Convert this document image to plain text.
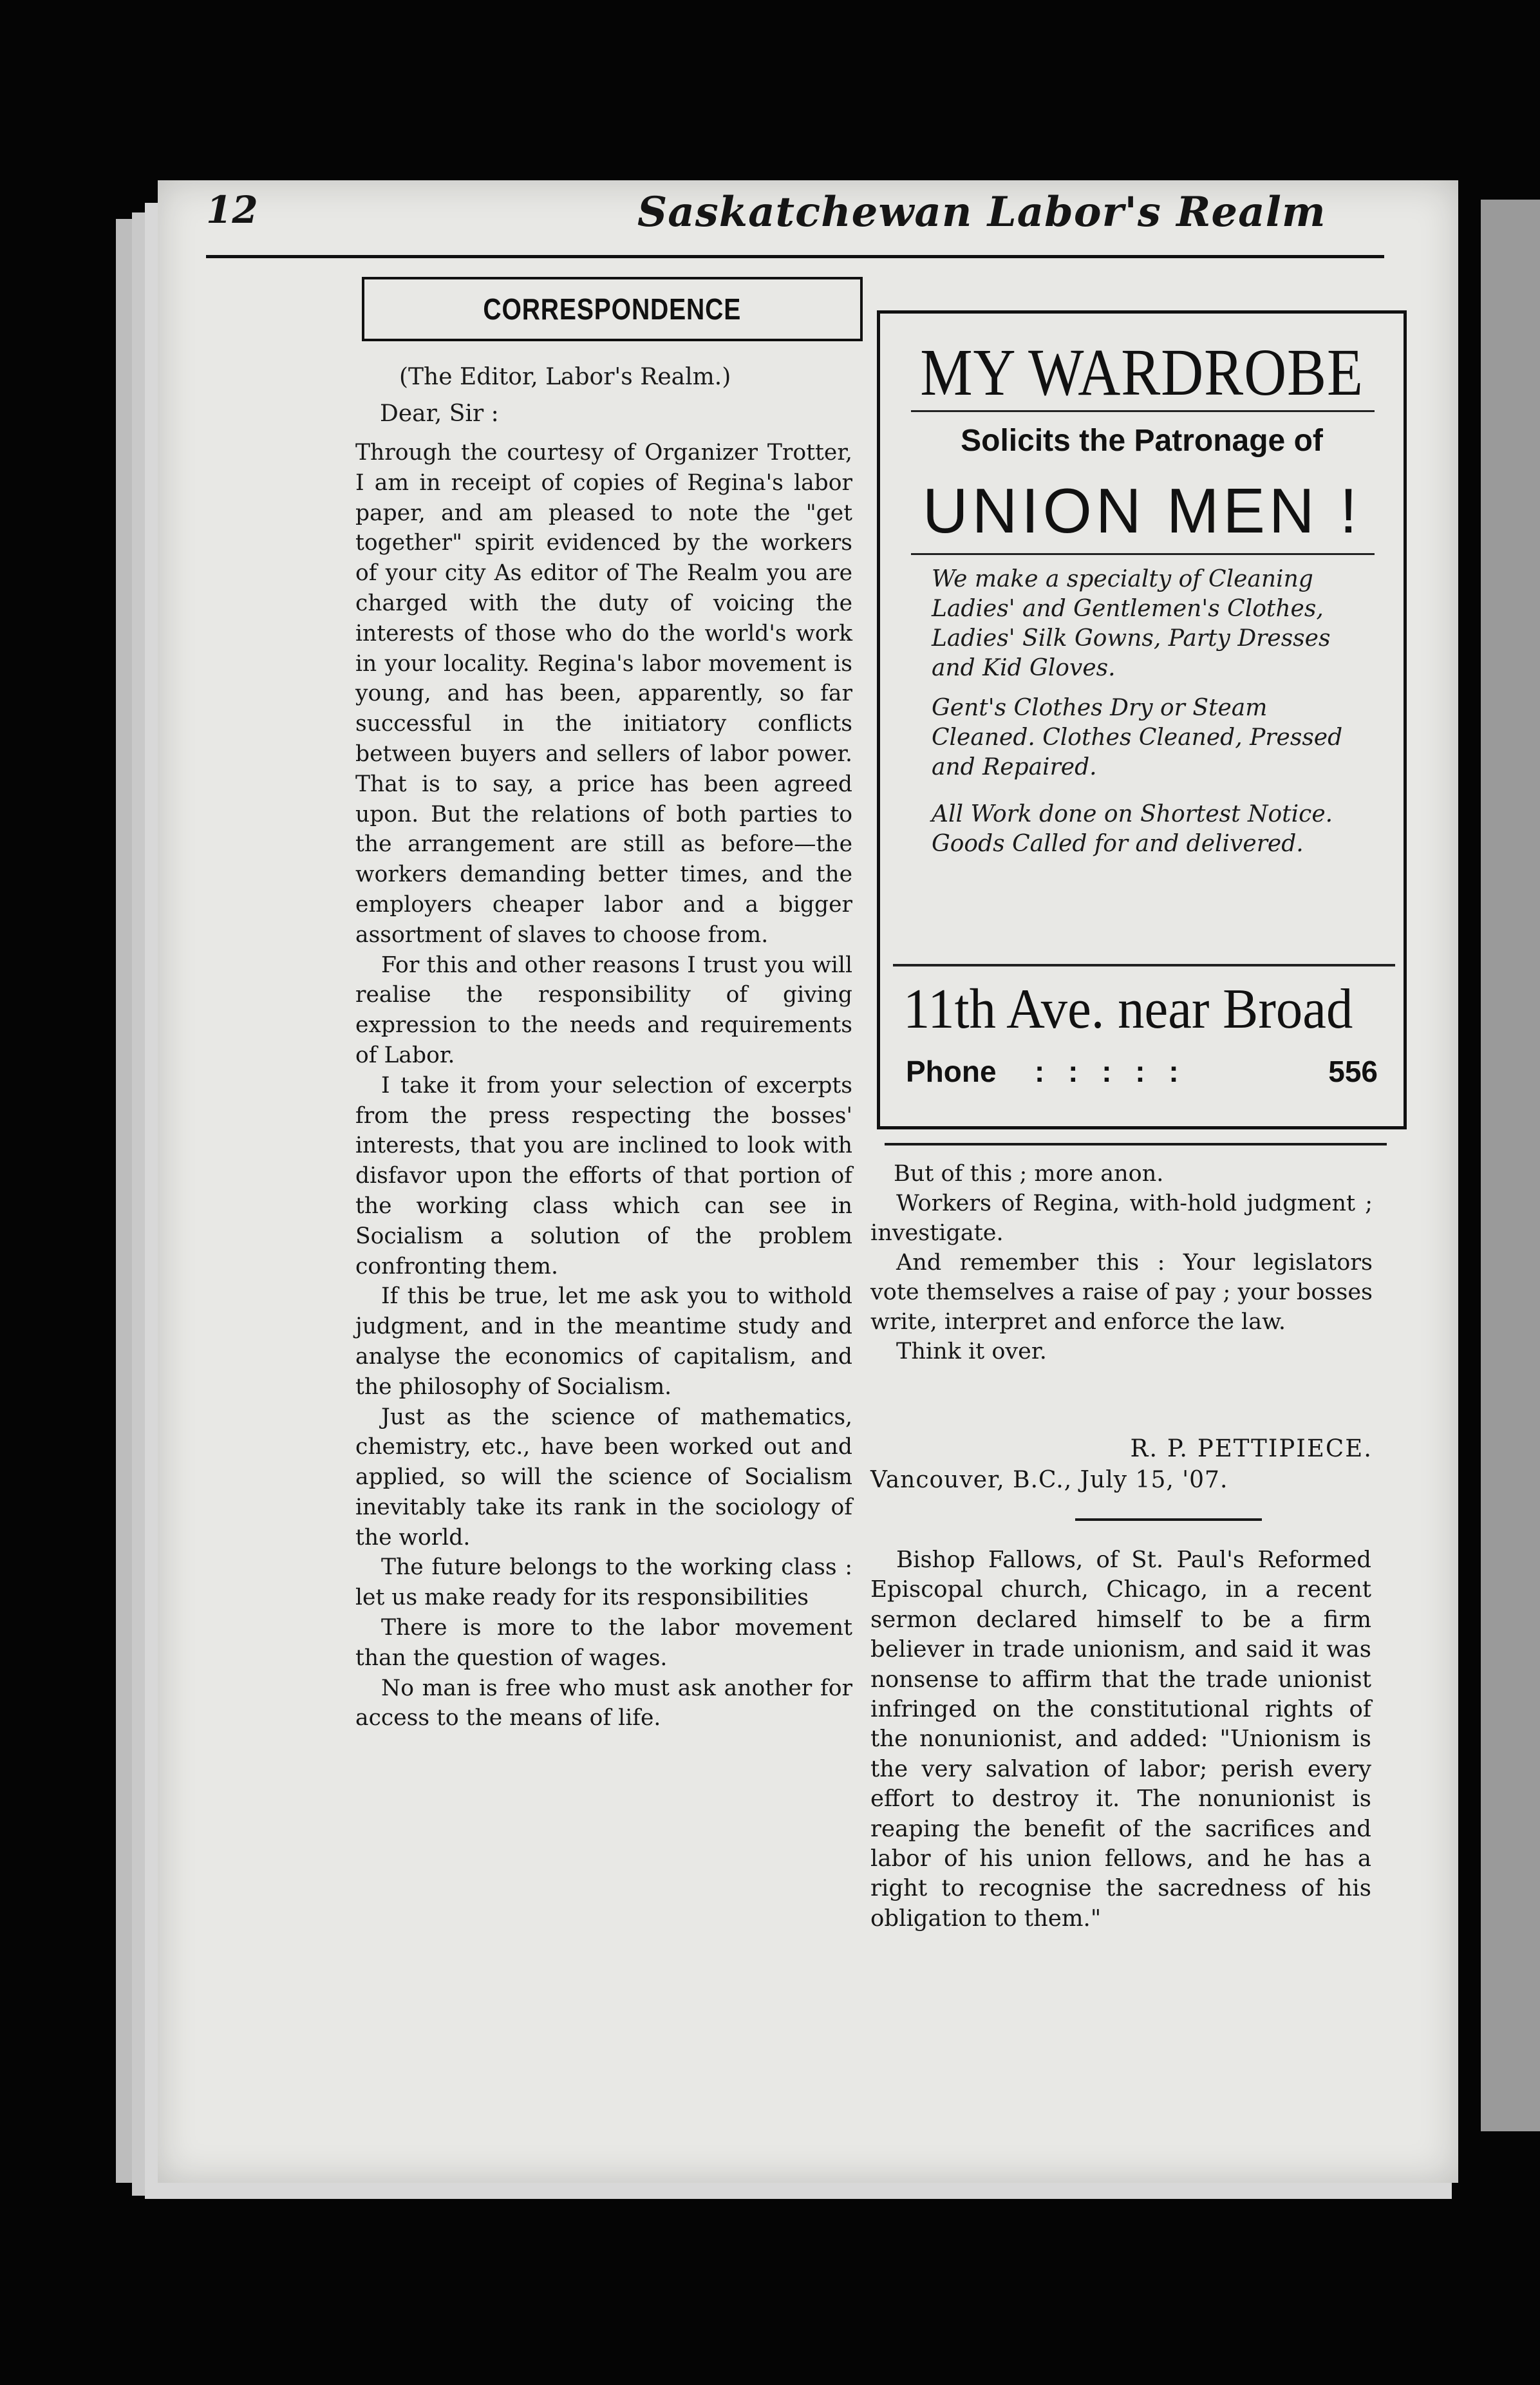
12	Saskatchewan Labor's Realm
CORRESPONDENCE
(The Editor, Labor's Realm.)
Dear, Sir :

Through the courtesy of Organizer Trotter, I am in receipt of copies of Regina's labor paper, and am pleased to note the "get together" spirit evidenced by the workers of your city As editor of The Realm you are charged with the duty of voicing the interests of those who do the world's work in your locality. Regina's labor movement is young, and has been, apparently, so far successful in the initiatory conflicts between buyers and sellers of labor power. That is to say, a price has been agreed upon. But the relations of both parties to the arrangement are still as before—the workers demanding better times, and the employers cheaper labor and a bigger assortment of slaves to choose from.

For this and other reasons I trust you will realise the responsibility of giving expression to the needs and requirements of Labor.

I take it from your selection of excerpts from the press respecting the bosses' interests, that you are inclined to look with disfavor upon the efforts of that portion of the working class which can see in Socialism a solution of the problem confronting them.

If this be true, let me ask you to withold judgment, and in the meantime study and analyse the economics of capitalism, and the philosophy of Socialism.

Just as the science of mathematics, chemistry, etc., have been worked out and applied, so will the science of Socialism inevitably take its rank in the sociology of the world.

The future belongs to the working class : let us make ready for its responsibilities

There is more to the labor movement than the question of wages.

No man is free who must ask another for access to the means of life.

MY WARDROBE
Solicits the Patronage of
UNION MEN !
We make a specialty of Cleaning Ladies' and Gentlemen's Clothes, Ladies' Silk Gowns, Party Dresses and Kid Gloves.
Gent's Clothes Dry or Steam Cleaned. Clothes Cleaned, Pressed and Repaired.
All Work done on Shortest Notice. Goods Called for and delivered.
11th Ave. near Broad
Phone : : : : :	556

But of this ; more anon.

Workers of Regina, with-hold judgment ; investigate.

And remember this : Your legislators vote themselves a raise of pay ; your bosses write, interpret and enforce the law.

Think it over.

R. P. PETTIPIECE.
Vancouver, B.C., July 15, '07.

Bishop Fallows, of St. Paul's Reformed Episcopal church, Chicago, in a recent sermon declared himself to be a firm believer in trade unionism, and said it was nonsense to affirm that the trade unionist infringed on the constitutional rights of the nonunionist, and added: "Unionism is the very salvation of labor; perish every effort to destroy it. The nonunionist is reaping the benefit of the sacrifices and labor of his union fellows, and he has a right to recognise the sacredness of his obligation to them."
